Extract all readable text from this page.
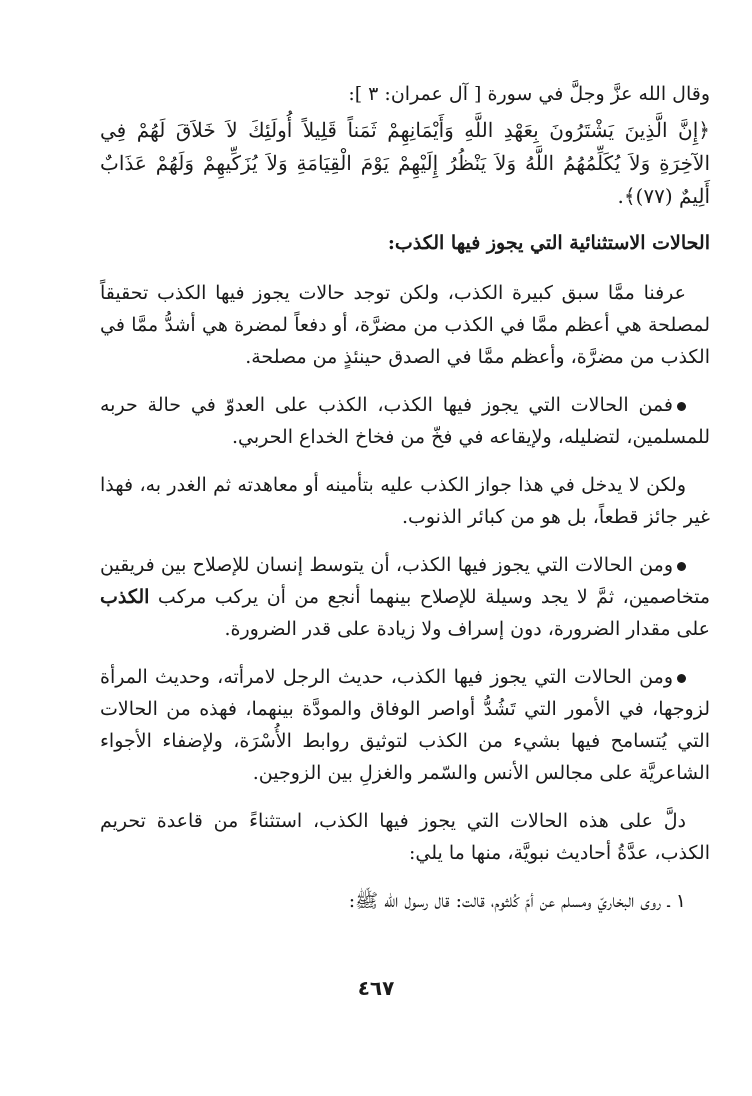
وقال الله عزَّ وجلَّ في سورة [ آل عمران: ٣ ]:

﴿إِنَّ الَّذِينَ يَشْتَرُونَ بِعَهْدِ اللَّهِ وَأَيْمَانِهِمْ ثَمَناً قَلِيلاً أُولَئِكَ لاَ خَلاَقَ لَهُمْ فِي الآخِرَةِ وَلاَ يُكَلِّمُهُمُ اللَّهُ وَلاَ يَنْظُرُ إِلَيْهِمْ يَوْمَ الْقِيَامَةِ وَلاَ يُزَكِّيهِمْ وَلَهُمْ عَذَابٌ أَلِيمٌ (٧٧)﴾.

الحالات الاستثنائية التي يجوز فيها الكذب:

عرفنا ممَّا سبق كبيرة الكذب، ولكن توجد حالات يجوز فيها الكذب تحقيقاً لمصلحة هي أعظم ممَّا في الكذب من مضرَّة، أو دفعاً لمضرة هي أشدُّ ممَّا في الكذب من مضرَّة، وأعظم ممَّا في الصدق حينئذٍ من مصلحة.

فمن الحالات التي يجوز فيها الكذب، الكذب على العدوّ في حالة حربه للمسلمين، لتضليله، ولإيقاعه في فخّ من فخاخ الخداع الحربي.

ولكن لا يدخل في هذا جواز الكذب عليه بتأمينه أو معاهدته ثم الغدر به، فهذا غير جائز قطعاً، بل هو من كبائر الذنوب.

ومن الحالات التي يجوز فيها الكذب، أن يتوسط إنسان للإصلاح بين فريقين متخاصمين، ثمَّ لا يجد وسيلة للإصلاح بينهما أنجع من أن يركب مركب الكذب على مقدار الضرورة، دون إسراف ولا زيادة على قدر الضرورة.

ومن الحالات التي يجوز فيها الكذب، حديث الرجل لامرأته، وحديث المرأة لزوجها، في الأمور التي تَشُدُّ أواصر الوفاق والمودَّة بينهما، فهذه من الحالات التي يُتسامح فيها بشيء من الكذب لتوثيق روابط الأُسْرَة، ولإضفاء الأجواء الشاعريَّة على مجالس الأنس والسّمر والغزلِ بين الزوجين.

دلَّ على هذه الحالات التي يجوز فيها الكذب، استثناءً من قاعدة تحريم الكذب، عدَّةُ أحاديث نبويَّة، منها ما يلي:

١ ـ روى البخاريّ ومسلم عن أمّ كُلثوم، قالت: قال رسول الله ﷺ:

٤٦٧
